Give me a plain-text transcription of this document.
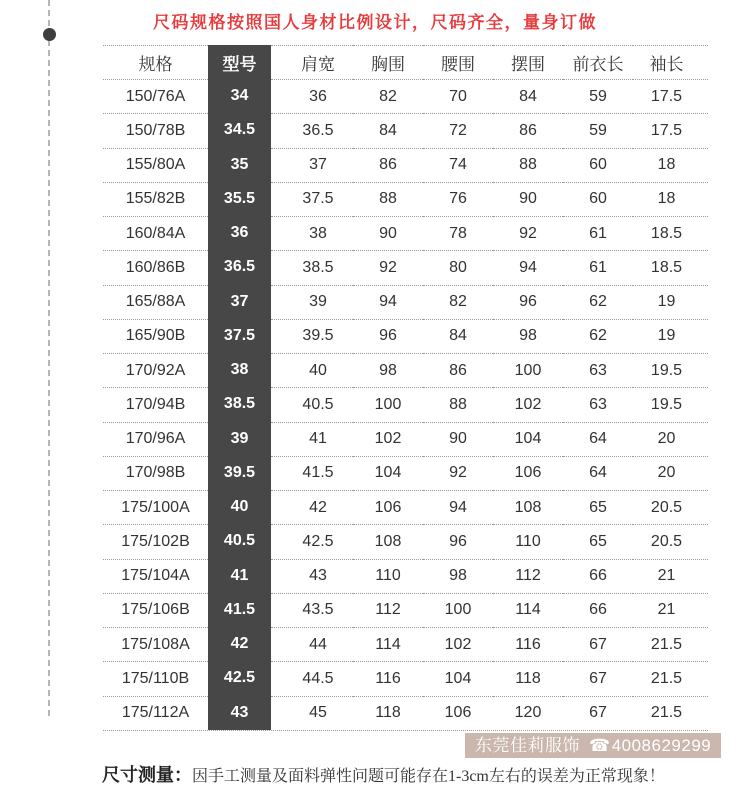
尺码规格按照国人身材比例设计，尺码齐全，量身订做
规格	型号	肩宽	胸围	腰围	摆围	前衣长	袖长
150/76A	34	36	82	70	84	59	17.5
150/78B	34.5	36.5	84	72	86	59	17.5
155/80A	35	37	86	74	88	60	18
155/82B	35.5	37.5	88	76	90	60	18
160/84A	36	38	90	78	92	61	18.5
160/86B	36.5	38.5	92	80	94	61	18.5
165/88A	37	39	94	82	96	62	19
165/90B	37.5	39.5	96	84	98	62	19
170/92A	38	40	98	86	100	63	19.5
170/94B	38.5	40.5	100	88	102	63	19.5
170/96A	39	41	102	90	104	64	20
170/98B	39.5	41.5	104	92	106	64	20
175/100A	40	42	106	94	108	65	20.5
175/102B	40.5	42.5	108	96	110	65	20.5
175/104A	41	43	110	98	112	66	21
175/106B	41.5	43.5	112	100	114	66	21
175/108A	42	44	114	102	116	67	21.5
175/110B	42.5	44.5	116	104	118	67	21.5
175/112A	43	45	118	106	120	67	21.5
东莞佳莉服饰 ☎4008629299
尺寸测量：因手工测量及面料弹性问题可能存在1-3cm左右的误差为正常现象！
